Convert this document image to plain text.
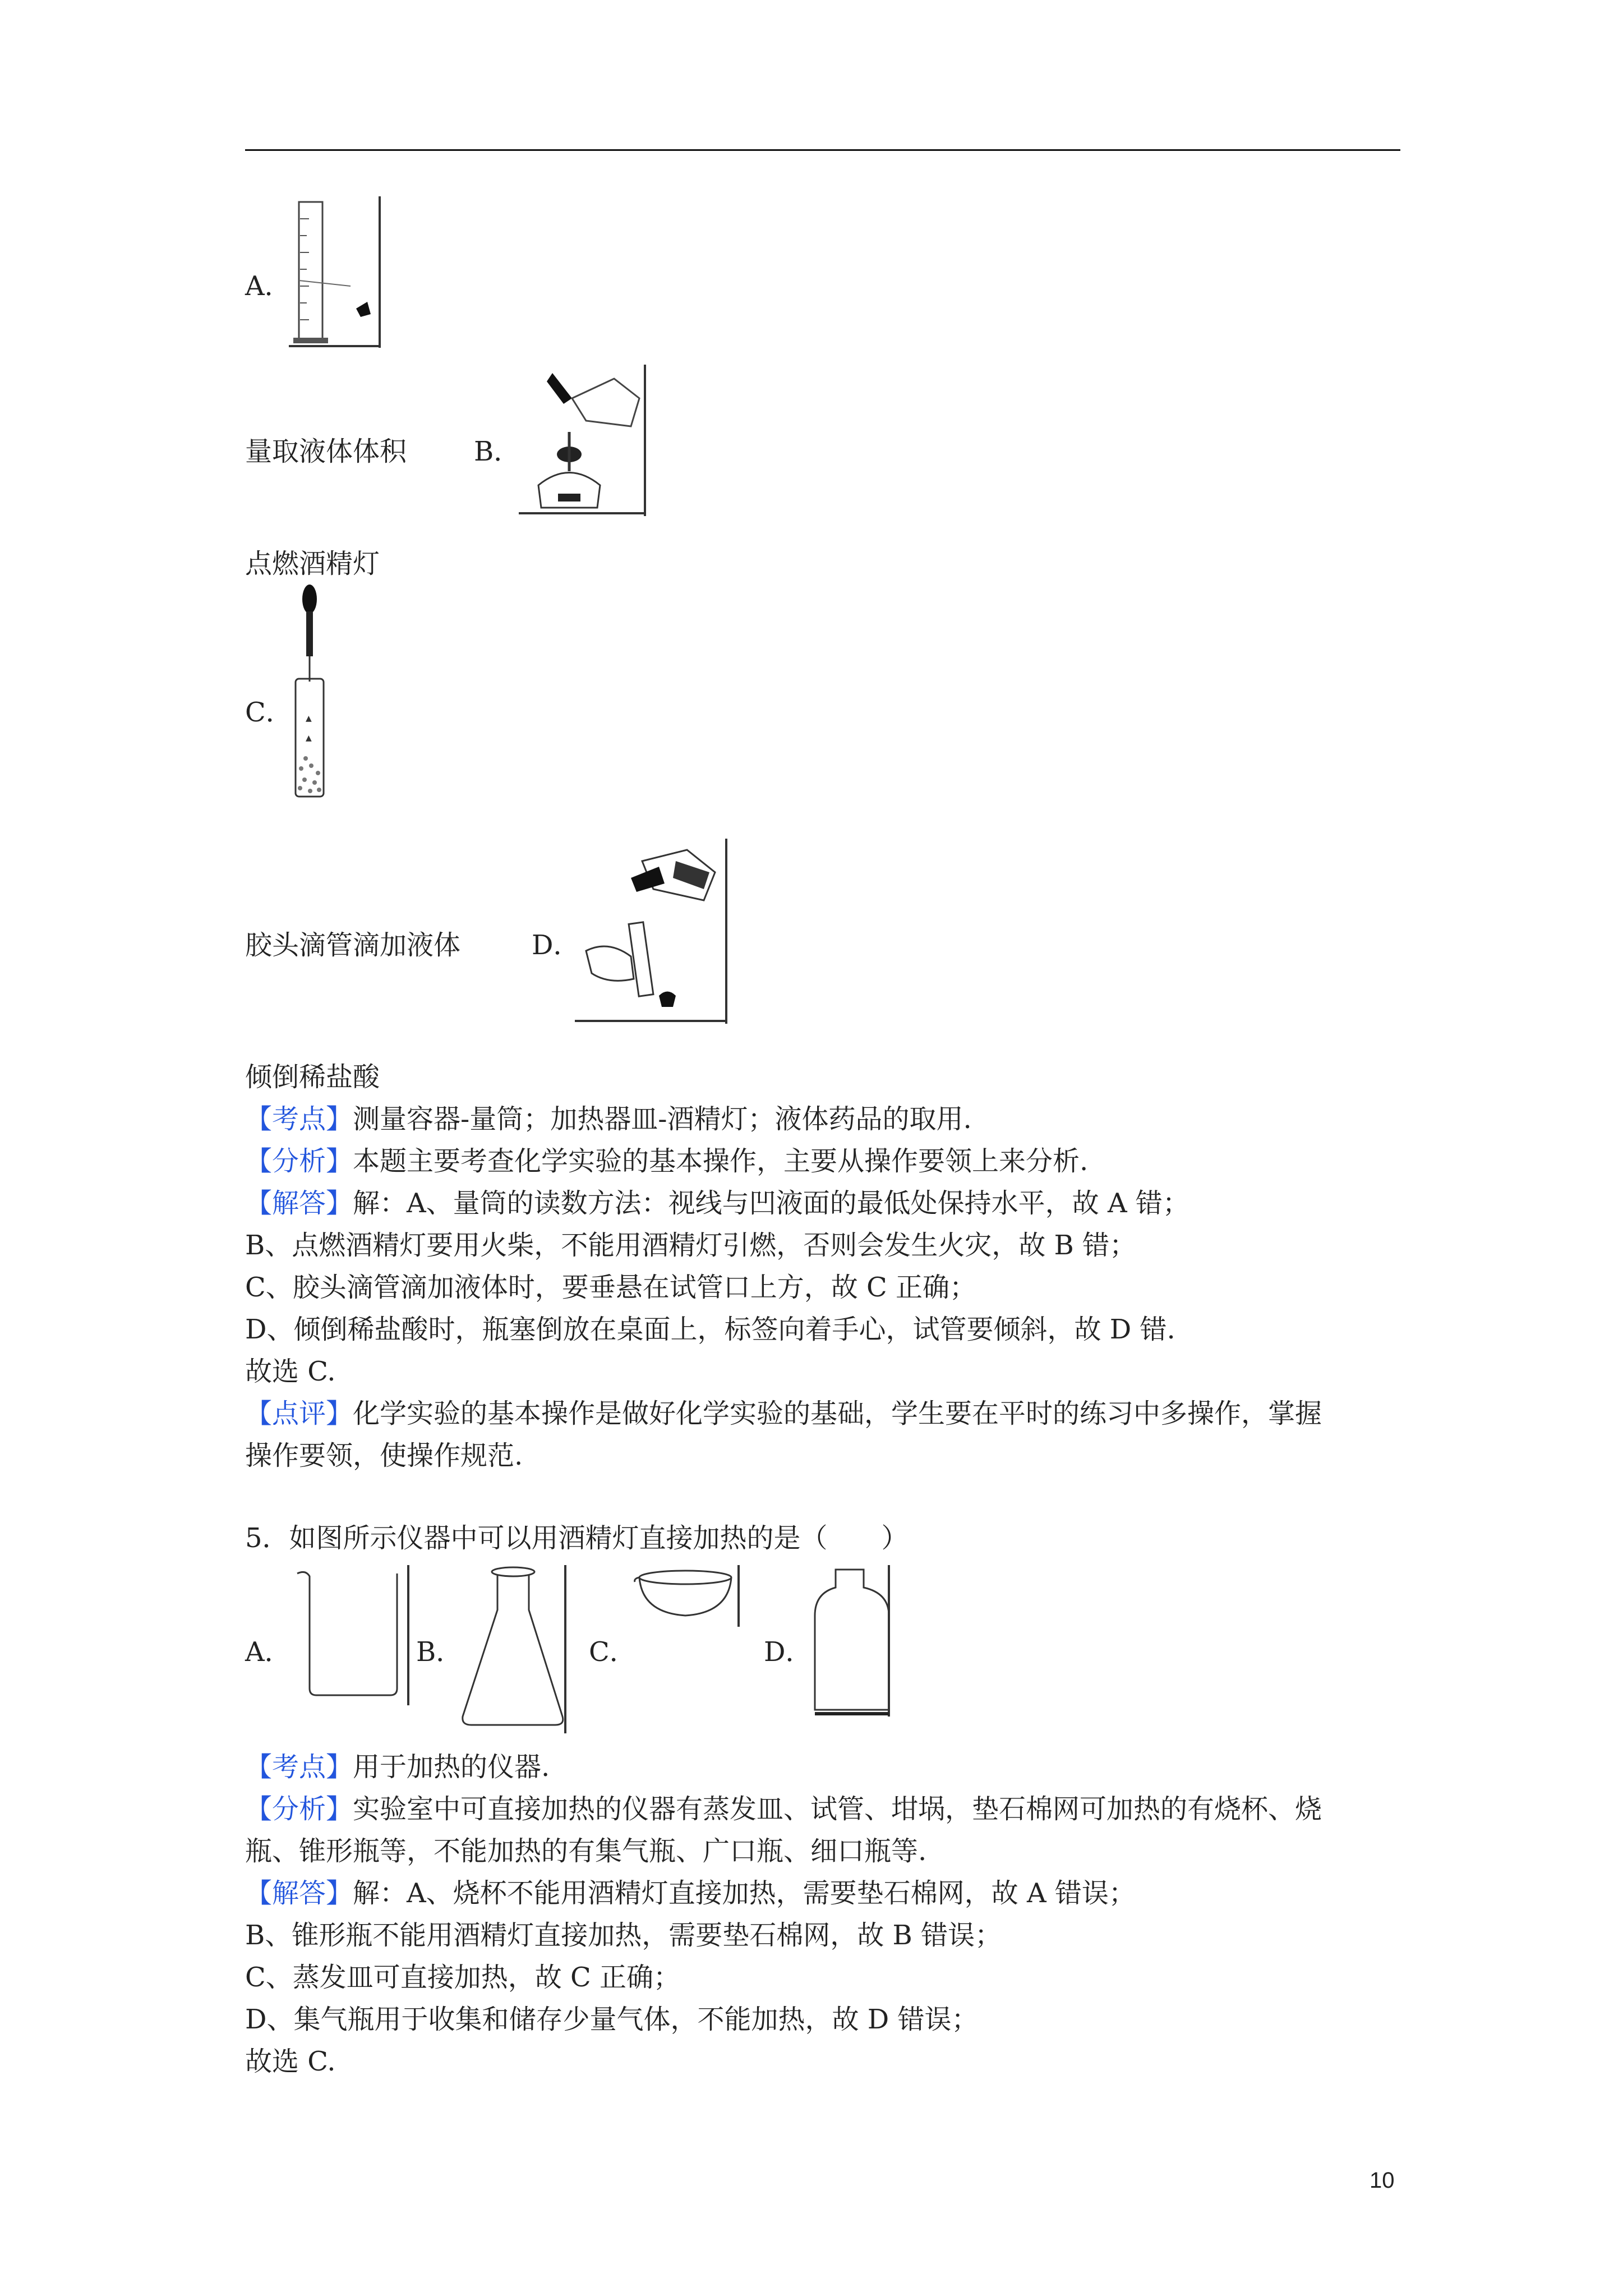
A．
量取液体体积 B．
点燃酒精灯
C． ▲
▲
胶头滴管滴加液体	D．
倾倒稀盐酸
【考点】测量容器-量筒；加热器皿-酒精灯；液体药品的取用.
【分析】本题主要考查化学实验的基本操作，主要从操作要领上来分析.
【解答】解：A、量筒的读数方法：视线与凹液面的最低处保持水平，故 A 错；
B、点燃酒精灯要用火柴，不能用酒精灯引燃，否则会发生火灾，故 B 错；
C、胶头滴管滴加液体时，要垂悬在试管口上方，故 C 正确；
D、倾倒稀盐酸时，瓶塞倒放在桌面上，标签向着手心，试管要倾斜，故 D 错.
故选 C.
【点评】化学实验的基本操作是做好化学实验的基础，学生要在平时的练习中多操作，掌握
操作要领，使操作规范.
5．如图所示仪器中可以用酒精灯直接加热的是（　　）
A．	B．	C．	D．
【考点】用于加热的仪器.
【分析】实验室中可直接加热的仪器有蒸发皿、试管、坩埚，垫石棉网可加热的有烧杯、烧
瓶、锥形瓶等，不能加热的有集气瓶、广口瓶、细口瓶等.
【解答】解：A、烧杯不能用酒精灯直接加热，需要垫石棉网，故 A 错误；
B、锥形瓶不能用酒精灯直接加热，需要垫石棉网，故 B 错误；
C、蒸发皿可直接加热，故 C 正确；
D、集气瓶用于收集和储存少量气体，不能加热，故 D 错误；
故选 C.
10
